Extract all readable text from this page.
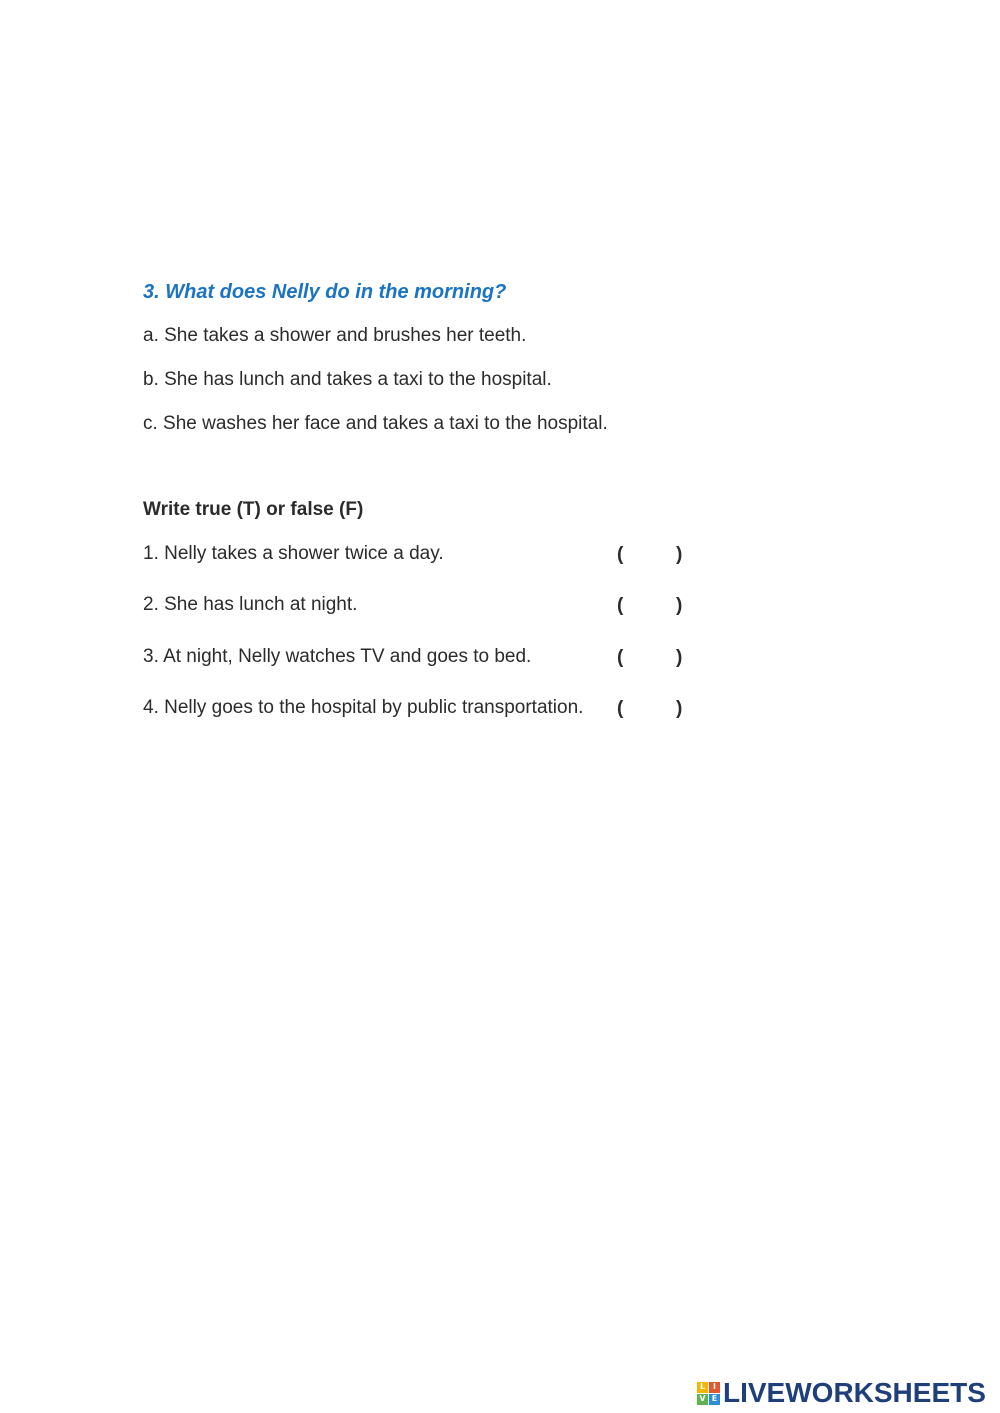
3. What does Nelly do in the morning?
a. She takes a shower and brushes her teeth.
b. She has lunch and takes a taxi to the hospital.
c. She washes her face and takes a taxi to the hospital.
Write true (T) or false (F)
1. Nelly takes a shower twice a day.	(	)
2. She has lunch at night.	(	)
3. At night, Nelly watches TV and goes to bed.	(	)
4. Nelly goes to the hospital by public transportation. (	)
L I
V E LIVEWORKSHEETS
